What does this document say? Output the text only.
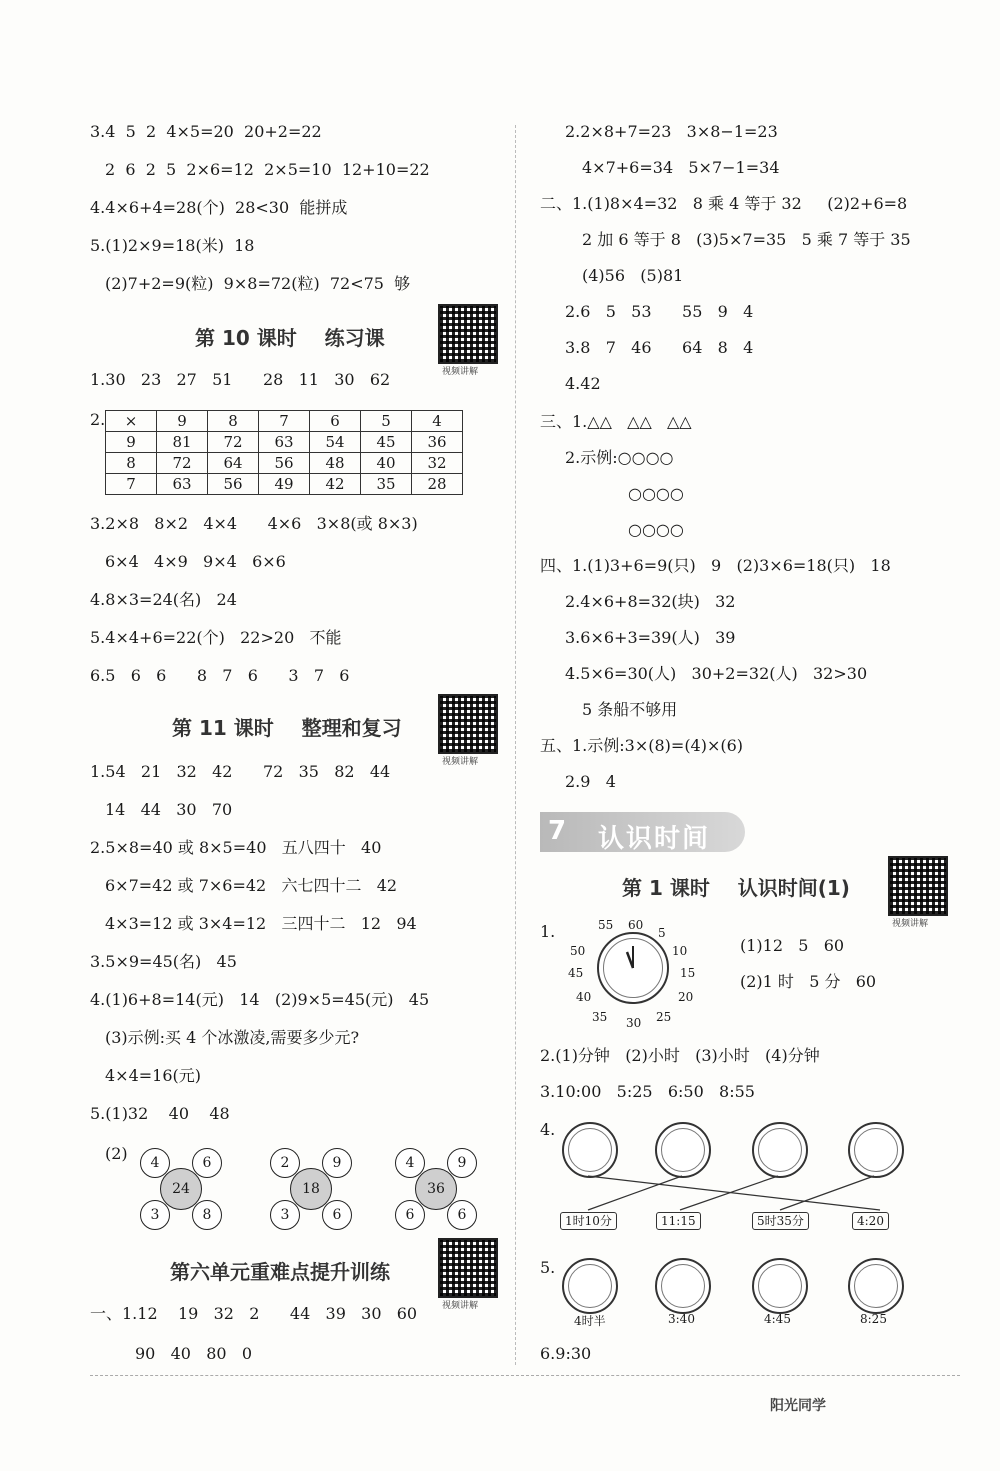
3.4  5  2  4×5=20  20+2=22
2  6  2  5  2×6=12  2×5=10  12+10=22
4.4×6+4=28(个)  28<30  能拼成
5.(1)2×9=18(米)  18
(2)7+2=9(粒)  9×8=72(粒)  72<75  够
第 10 课时    练习课
视频讲解
1.30   23   27   51      28   11   30   62
2. ×	9	8	7	6	5	4
9	81	72	63	54	45	36
8	72	64	56	48	40	32
7	63	56	49	42	35	28
3.2×8   8×2   4×4      4×6   3×8(或 8×3)
6×4   4×9   9×4   6×6
4.8×3=24(名)   24
5.4×4+6=22(个)   22>20   不能
6.5   6   6      8   7   6      3   7   6
第 11 课时    整理和复习
视频讲解
1.54   21   32   42      72   35   82   44
14   44   30   70
2.5×8=40 或 8×5=40   五八四十   40
6×7=42 或 7×6=42   六七四十二   42
4×3=12 或 3×4=12   三四十二   12   94
3.5×9=45(名)   45
4.(1)6+8=14(元)   14   (2)9×5=45(元)   45
(3)示例:买 4 个冰激凌,需要多少元?
4×4=16(元)
5.(1)32    40    48
(2)	4	6
24
3	8
2	9
18
3	6
4	9
36
6	6
第六单元重难点提升训练
视频讲解
一、1.12    19   32   2      44   39   30   60
90   40   80   0
2.2×8+7=23   3×8−1=23
4×7+6=34   5×7−1=34
二、1.(1)8×4=32   8 乘 4 等于 32     (2)2+6=8
2 加 6 等于 8   (3)5×7=35   5 乘 7 等于 35
(4)56   (5)81
2.6   5   53      55   9   4
3.8   7   46      64   8   4
4.42
三、1.△△   △△   △△
2.示例:○○○○
○○○○
○○○○
四、1.(1)3+6=9(只)   9   (2)3×6=18(只)   18
2.4×6+8=32(块)   32
3.6×6+3=39(人)   39
4.5×6=30(人)   30+2=32(人)   32>30
5 条船不够用
五、1.示例:3×(8)=(4)×(6)
2.9   4
7 认识时间
第 1 课时    认识时间(1)
视频讲解
1.	55 60
5
50	10
45	15
40	20
35 30 25
(1)12   5   60
(2)1 时   5 分   60
2.(1)分钟   (2)小时   (3)小时   (4)分钟
3.10:00   5:25   6:50   8:55
4.
1时10分	11:15	5时35分	4:20
5.
4时半	3:40	4:45	8:25
6.9:30
阳光同学
